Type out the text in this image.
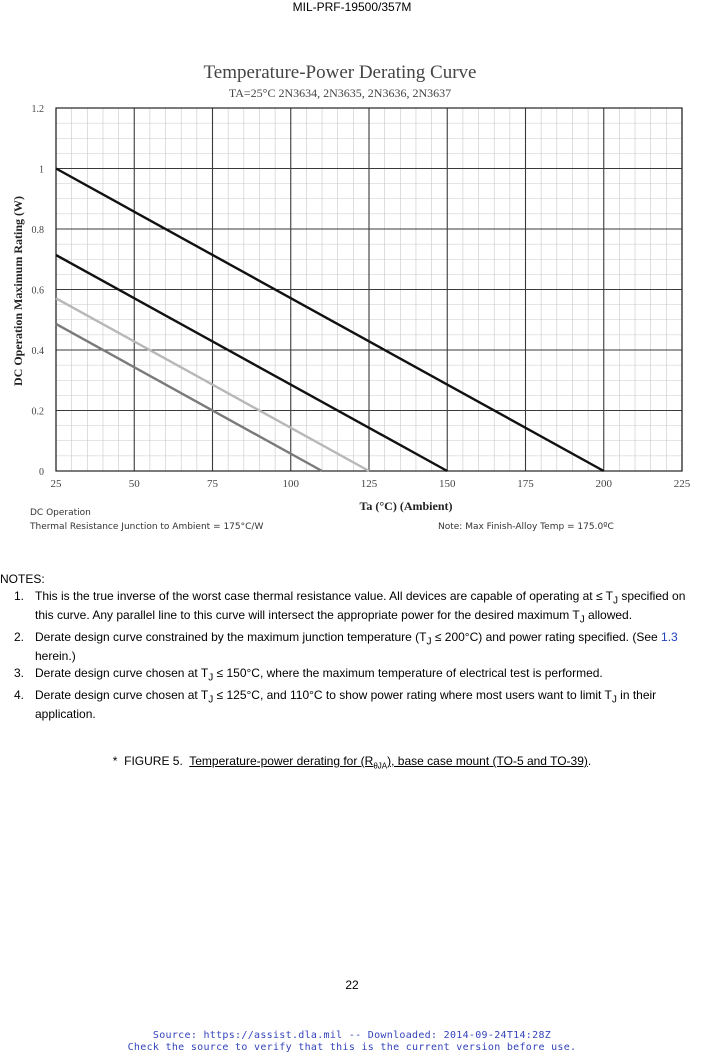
MIL-PRF-19500/357M
Temperature-Power Derating Curve
TA=25°C 2N3634, 2N3635, 2N3636, 2N3637
25	50	75	100	125	150	175	200	225
0
0.2
0.4
0.6
0.8
1
1.2
Ta (°C) (Ambient)
DC Operation Maximum Rating (W)
DC Operation
Thermal Resistance Junction to Ambient = 175°C/W	Note: Max Finish-Alloy Temp = 175.0ºC
NOTES:
1. This is the true inverse of the worst case thermal resistance value. All devices are capable of operating at ≤ $T_J$ specified on this curve. Any parallel line to this curve will intersect the appropriate power for the desired maximum $T_J$ allowed.
2. Derate design curve constrained by the maximum junction temperature $(T_J \le 200^\circ C)$ and power rating specified. (See 1.3 herein.)
3. Derate design curve chosen at $T_J \le 150^\circ C$, where the maximum temperature of electrical test is performed.
4. Derate design curve chosen at $T_J \le 125^\circ C$, and 110°C to show power rating where most users want to limit $T_J$ in their application.
* FIGURE 5. Temperature-power derating for $(R_{\theta JA})$, base case mount (TO-5 and TO-39).
22
Source: https://assist.dla.mil -- Downloaded: 2014-09-24T14:28Z
Check the source to verify that this is the current version before use.
